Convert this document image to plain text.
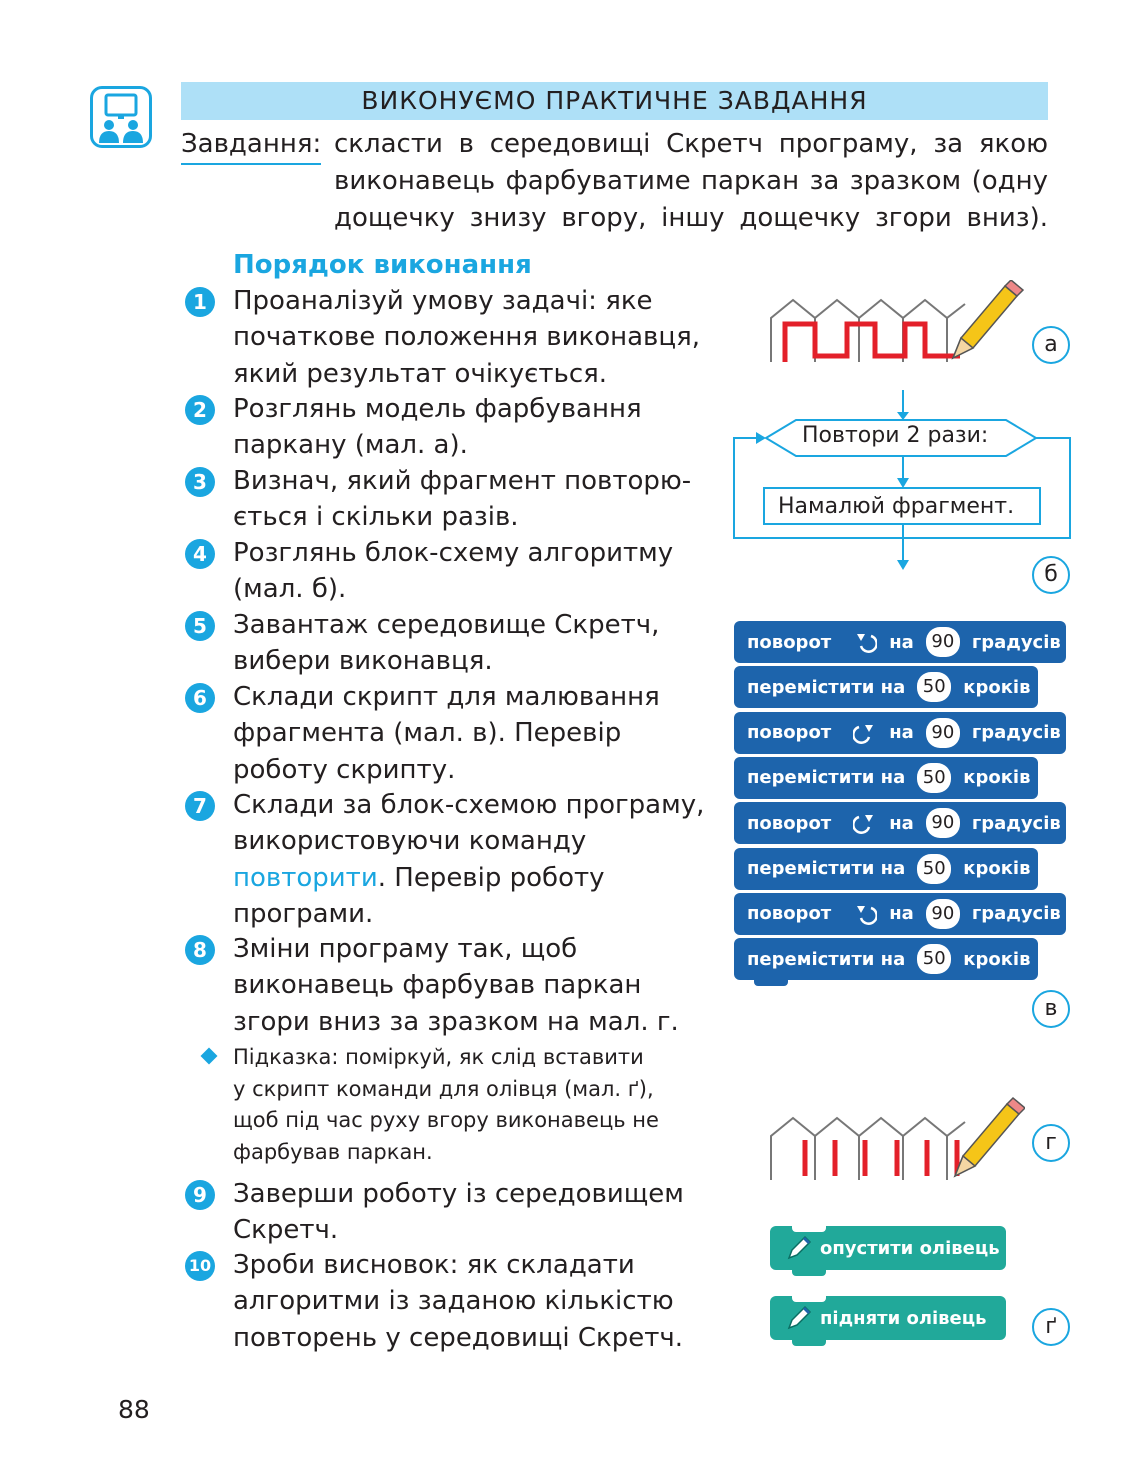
ВИКОНУЄМО ПРАКТИЧНЕ ЗАВДАННЯ
Завдання: скласти в середовищі Скретч програму, за якою
виконавець фарбуватиме паркан за зразком (одну
дощечку знизу вгору, іншу дощечку згори вниз).
Порядок виконання
1	Проаналізуй умову задачі: яке
початкове положення виконавця,
який результат очікується.
2	Розглянь модель фарбування
паркану (мал. а).
3	Визнач, який фрагмент повторю-
ється і скільки разів.
4	Розглянь блок-схему алгоритму
(мал. б).
5	Завантаж середовище Скретч,
вибери виконавця.
6	Склади скрипт для малювання
фрагмента (мал. в). Перевір
роботу скрипту.
7	Склади за блок-схемою програму,
використовуючи команду
повторити. Перевір роботу
програми.
8	Зміни програму так, щоб
виконавець фарбував паркан
згори вниз за зразком на мал. г.
Підказка: поміркуй, як слід вставити
у скрипт команди для олівця (мал. ґ),
щоб під час руху вгору виконавець не
фарбував паркан.
9	Заверши роботу із середовищем
Скретч.
10 Зроби висновок: як складати
алгоритми із заданою кількістю
повторень у середовищі Скретч.
88
а
Повтори 2 рази:
Намалюй фрагмент.
б
поворот	на 90 градусів
перемістити на 50 кроків
поворот	на 90 градусів
перемістити на 50 кроків
поворот	на 90 градусів
перемістити на 50 кроків
поворот	на 90 градусів
перемістити на 50 кроків
в
г
опустити олівець
підняти олівець	ґ
